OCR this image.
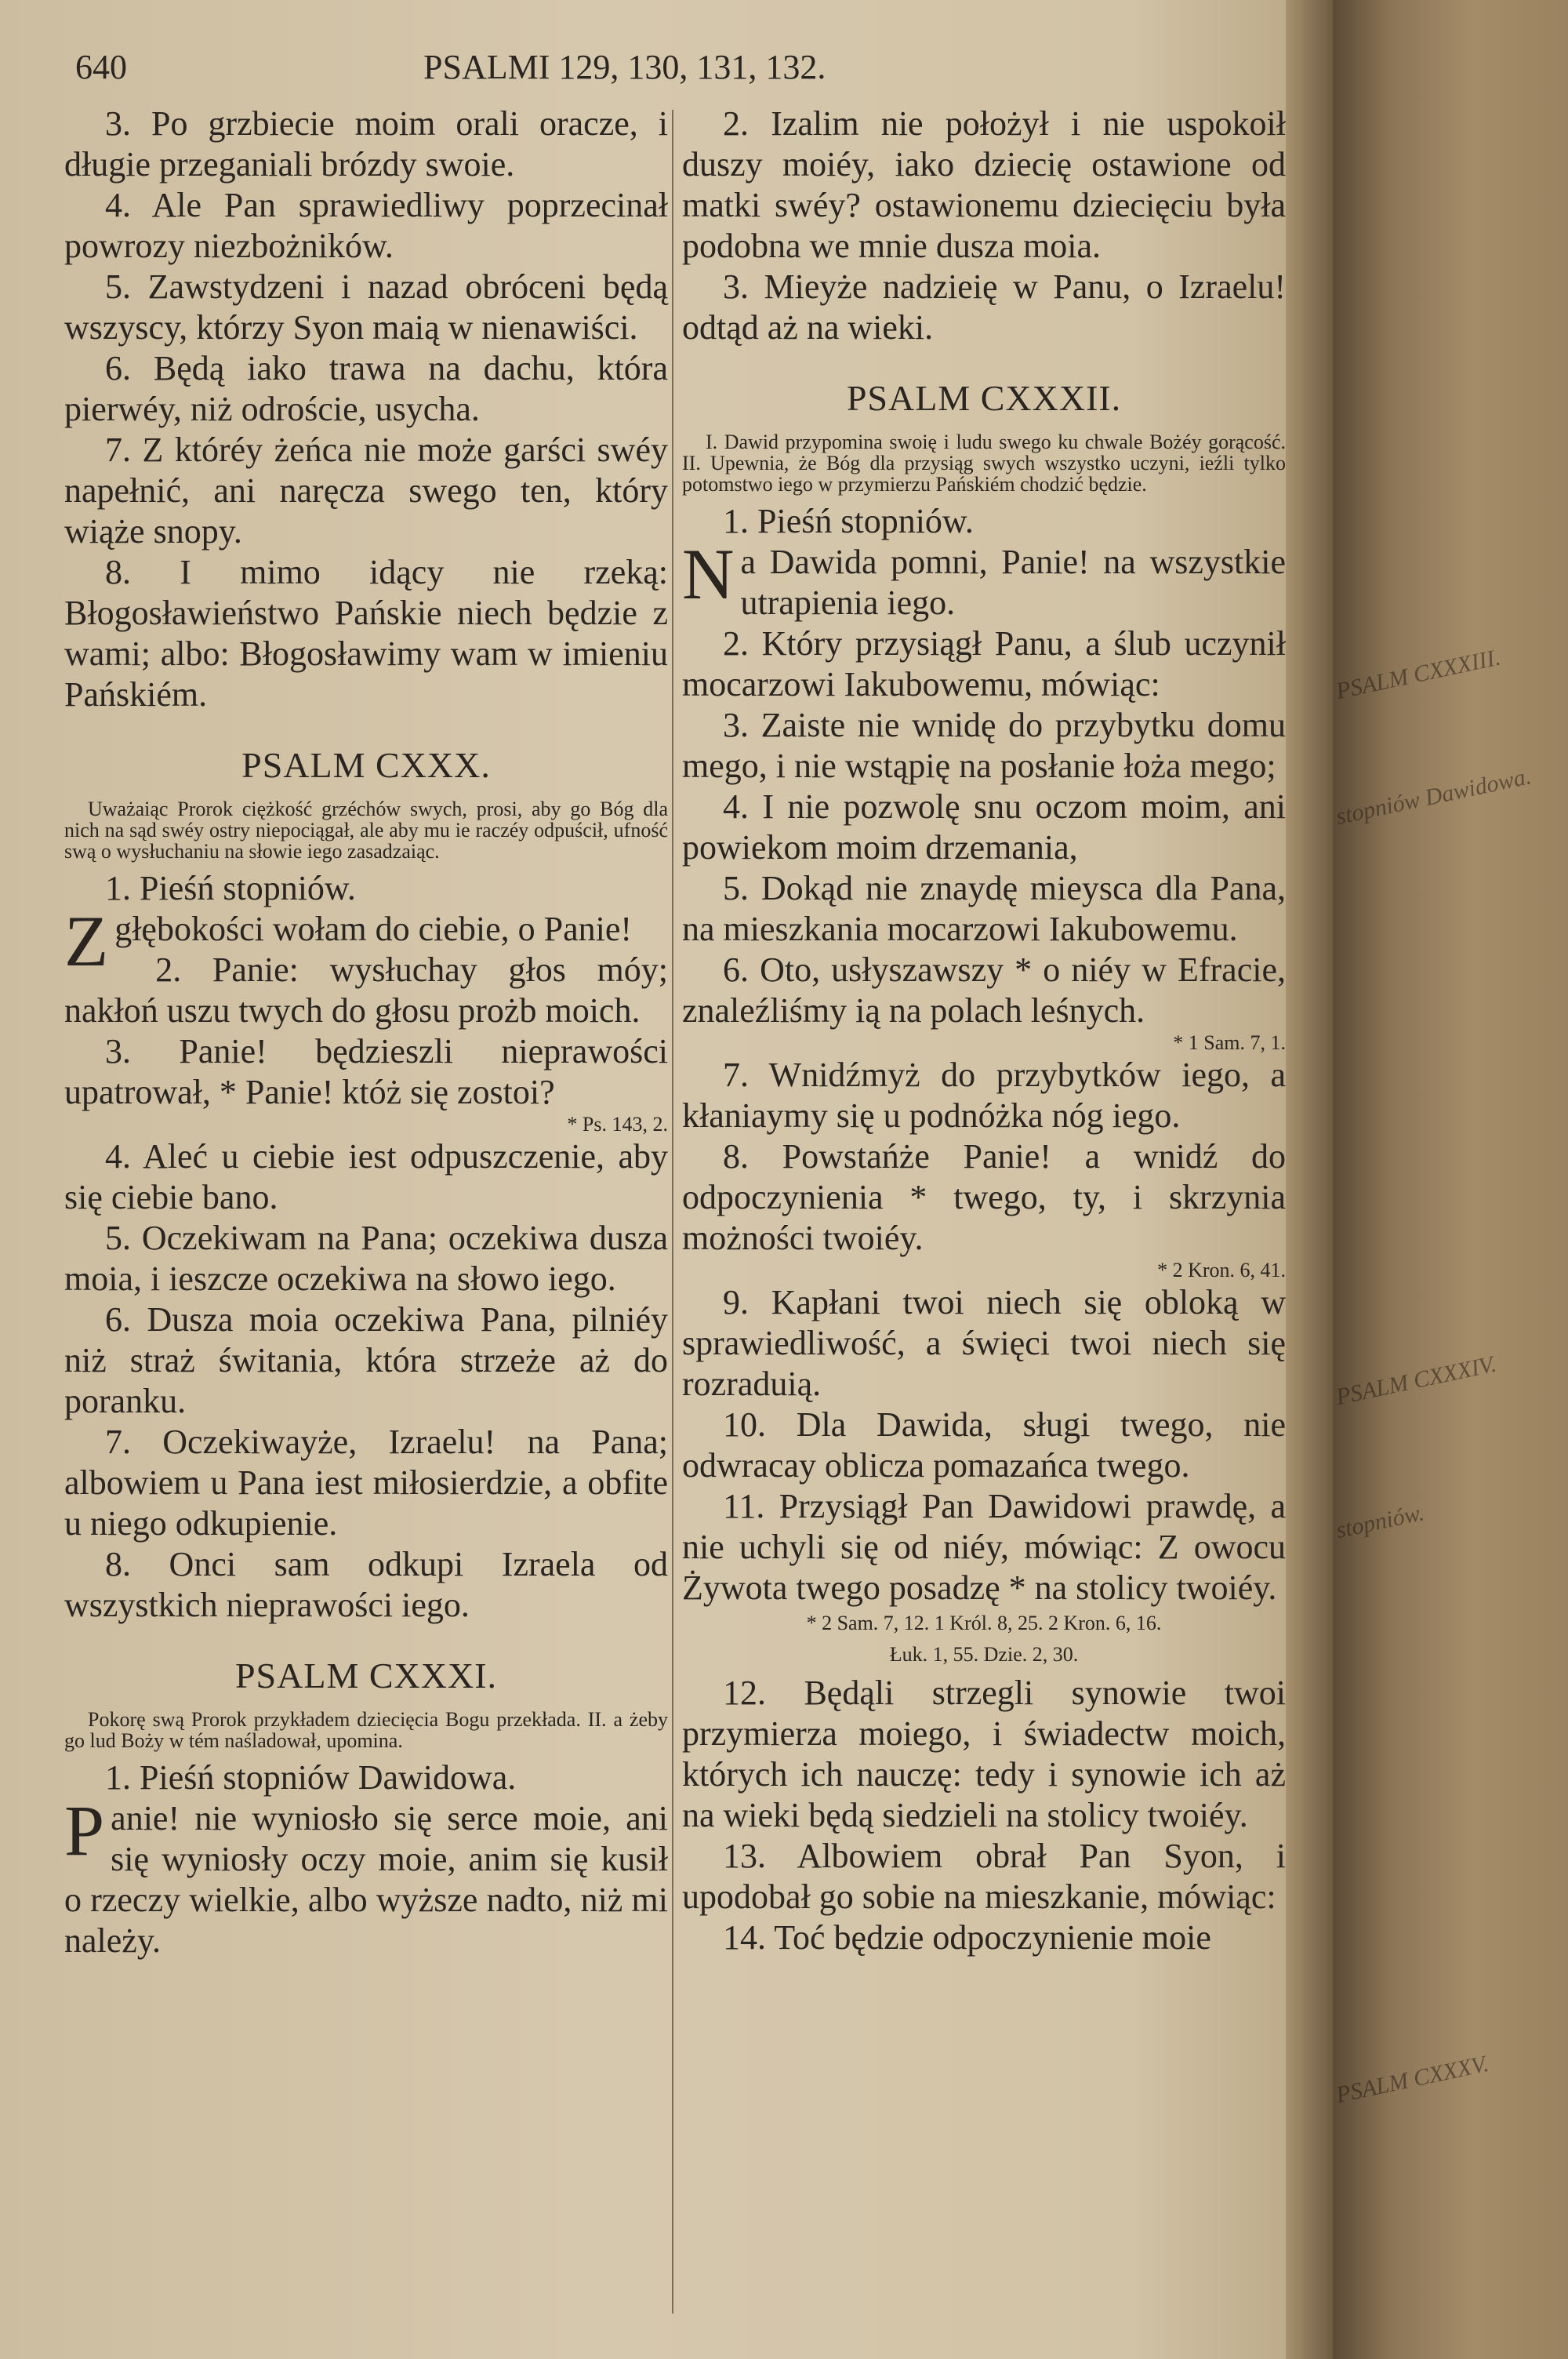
PSALM CXXXIII.
stopniów Dawidowa.
PSALM CXXXIV.
stopniów.
PSALM CXXXV.
640	PSALMI 129, 130, 131, 132.

3. Po grzbiecie moim orali oracze, i długie przeganiali brózdy swoie.

4. Ale Pan sprawiedliwy poprzecinał powrozy niezbożników.

5. Zawstydzeni i nazad obróceni będą wszyscy, którzy Syon maią w nienawiści.

6. Będą iako trawa na dachu, która pierwéy, niż odroście, usycha.

7. Z któréy żeńca nie może garści swéy napełnić, ani naręcza swego ten, który wiąże snopy.

8. I mimo idący nie rzeką: Błogosławieństwo Pańskie niech będzie z wami; albo: Błogosławimy wam w imieniu Pańskiém.

PSALM CXXX.

Uważaiąc Prorok ciężkość grzéchów swych, prosi, aby go Bóg dla nich na sąd swéy ostry niepociągał, ale aby mu ie raczéy odpuścił, ufność swą o wysłuchaniu na słowie iego zasadzaiąc.

1. Pieśń stopniów.

Z głębokości wołam do ciebie, o Panie!

2. Panie: wysłuchay głos móy; nakłoń uszu twych do głosu prożb moich.

3. Panie! będzieszli nieprawości upatrował, * Panie! któż się zostoi?

* Ps. 143, 2.

4. Aleć u ciebie iest odpuszczenie, aby się ciebie bano.

5. Oczekiwam na Pana; oczekiwa dusza moia, i ieszcze oczekiwa na słowo iego.

6. Dusza moia oczekiwa Pana, pilniéy niż straż świtania, która strzeże aż do poranku.

7. Oczekiwayże, Izraelu! na Pana; albowiem u Pana iest miłosierdzie, a obfite u niego odkupienie.

8. Onci sam odkupi Izraela od wszystkich nieprawości iego.

PSALM CXXXI.

Pokorę swą Prorok przykładem dziecięcia Bogu przekłada. II. a żeby go lud Boży w tém naśladował, upomina.

1. Pieśń stopniów Dawidowa.

Panie! nie wyniosło się serce moie, ani się wyniosły oczy moie, anim się kusił o rzeczy wielkie, albo wyższe nadto, niż mi należy.

2. Izalim nie położył i nie uspokoił duszy moiéy, iako dziecię ostawione od matki swéy? ostawionemu dziecięciu była podobna we mnie dusza moia.

3. Mieyże nadzieię w Panu, o Izraelu! odtąd aż na wieki.

PSALM CXXXII.

I. Dawid przypomina swoię i ludu swego ku chwale Bożéy gorącość. II. Upewnia, że Bóg dla przysiąg swych wszystko uczyni, ieźli tylko potomstwo iego w przymierzu Pańskiém chodzić będzie.

1. Pieśń stopniów.

Na Dawida pomni, Panie! na wszystkie utrapienia iego.

2. Który przysiągł Panu, a ślub uczynił mocarzowi Iakubowemu, mówiąc:

3. Zaiste nie wnidę do przybytku domu mego, i nie wstąpię na posłanie łoża mego;

4. I nie pozwolę snu oczom moim, ani powiekom moim drzemania,

5. Dokąd nie znaydę mieysca dla Pana, na mieszkania mocarzowi Iakubowemu.

6. Oto, usłyszawszy * o niéy w Efracie, znaleźliśmy ią na polach leśnych.

* 1 Sam. 7, 1.

7. Wnidźmyż do przybytków iego, a kłaniaymy się u podnóżka nóg iego.

8. Powstańże Panie! a wnidź do odpoczynienia * twego, ty, i skrzynia możności twoiéy.

* 2 Kron. 6, 41.

9. Kapłani twoi niech się obloką w sprawiedliwość, a święci twoi niech się rozraduią.

10. Dla Dawida, sługi twego, nie odwracay oblicza pomazańca twego.

11. Przysiągł Pan Dawidowi prawdę, a nie uchyli się od niéy, mówiąc: Z owocu Żywota twego posadzę * na stolicy twoiéy.

* 2 Sam. 7, 12. 1 Król. 8, 25. 2 Kron. 6, 16.

Łuk. 1, 55. Dzie. 2, 30.

12. Będąli strzegli synowie twoi przymierza moiego, i świadectw moich, których ich nauczę: tedy i synowie ich aż na wieki będą siedzieli na stolicy twoiéy.

13. Albowiem obrał Pan Syon, i upodobał go sobie na mieszkanie, mówiąc:

14. Toć będzie odpoczynienie moie
